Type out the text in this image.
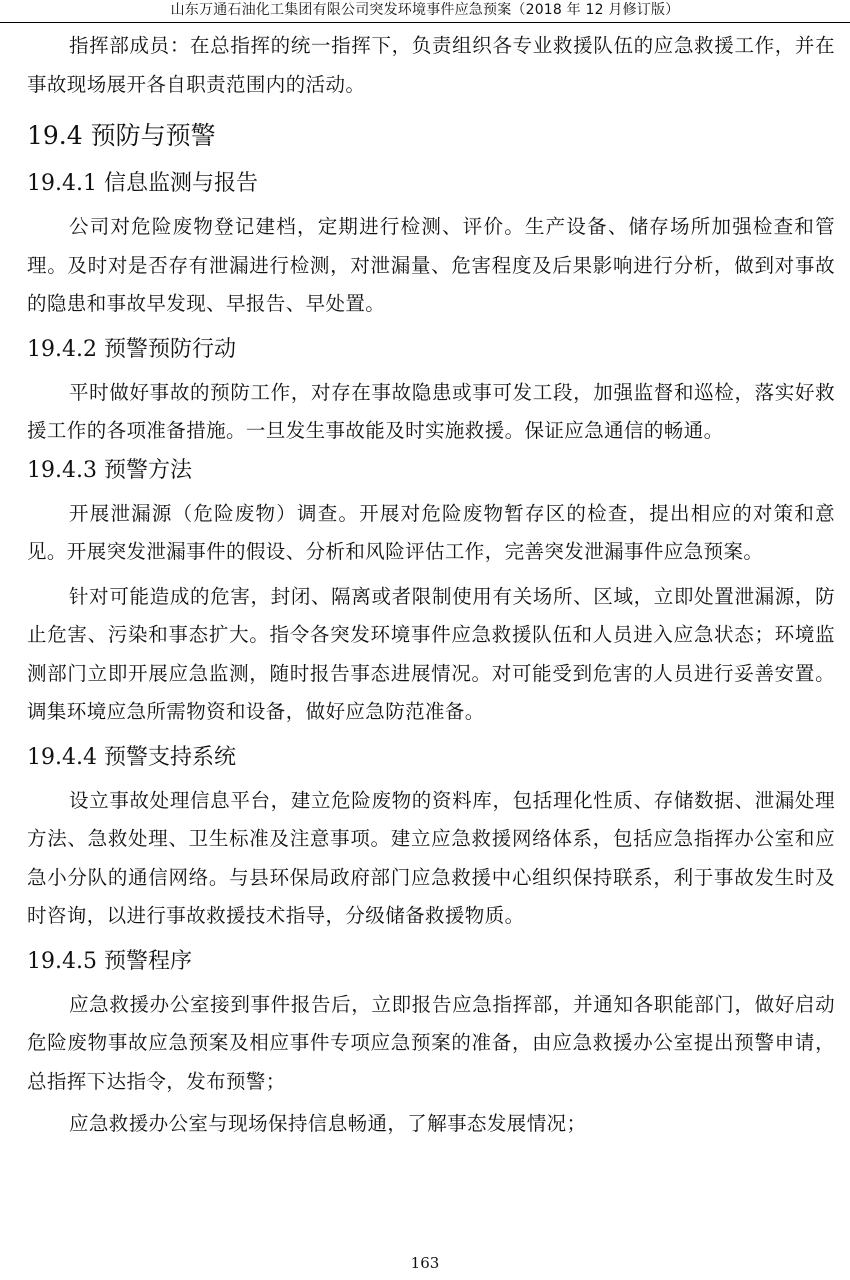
山东万通石油化工集团有限公司突发环境事件应急预案（2018 年 12 月修订版）

指挥部成员：在总指挥的统一指挥下，负责组织各专业救援队伍的应急救援工作，并在事故现场展开各自职责范围内的活动。

19.4 预防与预警
19.4.1 信息监测与报告

公司对危险废物登记建档，定期进行检测、评价。生产设备、储存场所加强检查和管理。及时对是否存有泄漏进行检测，对泄漏量、危害程度及后果影响进行分析，做到对事故的隐患和事故早发现、早报告、早处置。

19.4.2 预警预防行动

平时做好事故的预防工作，对存在事故隐患或事可发工段，加强监督和巡检，落实好救援工作的各项准备措施。一旦发生事故能及时实施救援。保证应急通信的畅通。

19.4.3 预警方法

开展泄漏源（危险废物）调查。开展对危险废物暂存区的检查，提出相应的对策和意见。开展突发泄漏事件的假设、分析和风险评估工作，完善突发泄漏事件应急预案。

针对可能造成的危害，封闭、隔离或者限制使用有关场所、区域，立即处置泄漏源，防止危害、污染和事态扩大。指令各突发环境事件应急救援队伍和人员进入应急状态；环境监测部门立即开展应急监测，随时报告事态进展情况。对可能受到危害的人员进行妥善安置。调集环境应急所需物资和设备，做好应急防范准备。

19.4.4 预警支持系统

设立事故处理信息平台，建立危险废物的资料库，包括理化性质、存储数据、泄漏处理方法、急救处理、卫生标准及注意事项。建立应急救援网络体系，包括应急指挥办公室和应急小分队的通信网络。与县环保局政府部门应急救援中心组织保持联系，利于事故发生时及时咨询，以进行事故救援技术指导，分级储备救援物质。

19.4.5 预警程序

应急救援办公室接到事件报告后，立即报告应急指挥部，并通知各职能部门，做好启动危险废物事故应急预案及相应事件专项应急预案的准备，由应急救援办公室提出预警申请，总指挥下达指令，发布预警；

应急救援办公室与现场保持信息畅通，了解事态发展情况；

163
